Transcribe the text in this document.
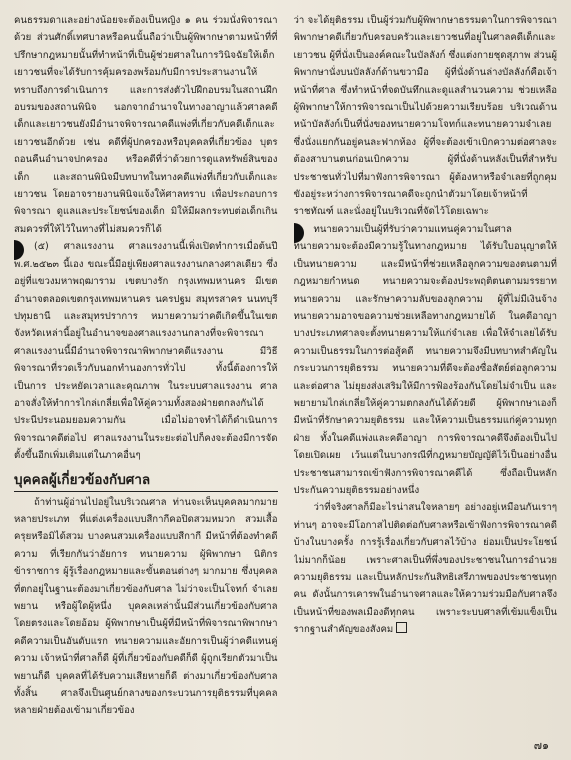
คนธรรมดาและอย่างน้อยจะต้องเป็นหญิง ๑ คน ร่วมนั่งพิจารณาด้วย ส่วนศักดิ์เทศบาลหรือคนนั้นถือว่าเป็นผู้พิพากษาตามหน้าที่ที่ปรึกษากฎหมายนั้นที่ทำหน้าที่เป็นผู้ช่วยศาลในการวินิจฉัยให้เด็กเยาวชนที่จะได้รับการคุ้มครองพร้อมกับมีการประสานงานให้ทราบถึงการดำเนินการ และการส่งตัวไปฝึกอบรมในสถานฝึกอบรมของสถานพินิจ นอกจากอำนาจในทางอาญาแล้วศาลคดีเด็กและเยาวชนยังมีอำนาจพิจารณาคดีแพ่งที่เกี่ยวกับคดีเด็กและเยาวชนอีกด้วย เช่น คดีที่ผู้ปกครองหรือบุคคลที่เกี่ยวข้อง บุตรถอนคืนอำนาจปกครอง หรือคดีที่ว่าด้วยการดูแลทรัพย์สินของเด็ก และสถานพินิจมีบทบาทในทางคดีแพ่งที่เกี่ยวกับเด็กและเยาวชน โดยอาจรายงานพินิจแจ้งให้ศาลทราบ เพื่อประกอบการพิจารณา ดูแลและประโยชน์ของเด็ก มิให้มีผลกระทบต่อเด็กเกินสมควรที่ให้ไว้ในทางที่ไม่สมควรก็ได้

(๕) ศาลแรงงาน ศาลแรงงานนี้เพิ่งเปิดทำการเมื่อต้นปี พ.ศ.๒๕๒๓ นี้เอง ขณะนี้มีอยู่เพียงศาลแรงงานกลางศาลเดียว ซึ่งอยู่ที่แขวงมหาพฤฒาราม เขตบางรัก กรุงเทพมหานคร มีเขตอำนาจตลอดเขตกรุงเทพมหานคร นครปฐม สมุทรสาคร นนทบุรี ปทุมธานี และสมุทรปราการ หมายความว่าคดีเกิดขึ้นในเขตจังหวัดเหล่านี้อยู่ในอำนาจของศาลแรงงานกลางที่จะพิจารณา ศาลแรงงานนี้มีอำนาจพิจารณาพิพากษาคดีแรงงาน มีวิธีพิจารณาที่รวดเร็วกับนอกทำนองการทั่วไป ทั้งนี้ต้องการให้เป็นการ ประหยัดเวลาและคุณภาพ ในระบบศาลแรงงาน ศาลอาจสั่งให้ทำการไกล่เกลี่ยเพื่อให้คู่ความทั้งสองฝ่ายตกลงกันได้ประนีประนอมยอมความกัน เมื่อไม่อาจทำได้ก็ดำเนินการพิจารณาคดีต่อไป ศาลแรงงานในระยะต่อไปก็คงจะต้องมีการจัดตั้งขึ้นอีกเพิ่มเติมแต่ในภาคอื่นๆ

บุคคลผู้เกี่ยวข้องกับศาล

ถ้าท่านผู้อ่านไปอยู่ในบริเวณศาล ท่านจะเห็นบุคคลมากมายหลายประเภท ที่แต่งเครื่องแบบสีกากีคอปิดสวมหมวก สวมเสื้อครุยหรือมิได้สวม บางคนสวมเครื่องแบบสีกากี มีหน้าที่ต้องทำคดีความ ที่เรียกกันว่าอัยการ ทนายความ ผู้พิพากษา นิติกร ข้าราชการ ผู้รู้เรื่องกฎหมายและขั้นตอนต่างๆ มากมาย ซึ่งบุคคลที่ตกอยู่ในฐานะต้องมาเกี่ยวข้องกับศาล ไม่ว่าจะเป็นโจทก์ จำเลย พยาน หรือผู้ใดผู้หนึ่ง บุคคลเหล่านั้นมีส่วนเกี่ยวข้องกับศาลโดยตรงและโดยอ้อม ผู้พิพากษาเป็นผู้ที่มีหน้าที่พิจารณาพิพากษาคดีความเป็นอันดับแรก ทนายความและอัยการเป็นผู้ว่าคดีแทนคู่ความ เจ้าหน้าที่ศาลก็ดี ผู้ที่เกี่ยวข้องกับคดีก็ดี ผู้ถูกเรียกตัวมาเป็นพยานก็ดี บุคคลที่ได้รับความเสียหายก็ดี ต่างมาเกี่ยวข้องกับศาลทั้งสิ้น ศาลจึงเป็นศูนย์กลางของกระบวนการยุติธรรมที่บุคคลหลายฝ่ายต้องเข้ามาเกี่ยวข้อง

ว่า จะได้ยุติธรรม เป็นผู้ร่วมกับผู้พิพากษาธรรมดาในการพิจารณาพิพากษาคดีเกี่ยวกับครอบครัวและเยาวชนที่อยู่ในศาลคดีเด็กและเยาวชน ผู้ที่นั่งเป็นองค์คณะในบัลลังก์ ซึ่งแต่งกายชุดสุภาพ ส่วนผู้พิพากษานั่งบนบัลลังก์ด้านขวามือ ผู้ที่นั่งด้านล่างบัลลังก์คือเจ้าหน้าที่ศาล ซึ่งทำหน้าที่จดบันทึกและดูแลสำนวนความ ช่วยเหลือผู้พิพากษาให้การพิจารณาเป็นไปด้วยความเรียบร้อย บริเวณด้านหน้าบัลลังก์เป็นที่นั่งของทนายความโจทก์และทนายความจำเลย ซึ่งนั่งแยกกันอยู่คนละฟากห้อง ผู้ที่จะต้องเข้าเบิกความต่อศาลจะต้องสาบานตนก่อนเบิกความ ผู้ที่นั่งด้านหลังเป็นที่สำหรับประชาชนทั่วไปที่มาฟังการพิจารณา ผู้ต้องหาหรือจำเลยที่ถูกคุมขังอยู่ระหว่างการพิจารณาคดีจะถูกนำตัวมาโดยเจ้าหน้าที่ราชทัณฑ์ และนั่งอยู่ในบริเวณที่จัดไว้โดยเฉพาะ

ทนายความเป็นผู้ที่รับว่าความแทนคู่ความในศาล ทนายความจะต้องมีความรู้ในทางกฎหมาย ได้รับใบอนุญาตให้เป็นทนายความ และมีหน้าที่ช่วยเหลือลูกความของตนตามที่กฎหมายกำหนด ทนายความจะต้องประพฤติตนตามมรรยาททนายความ และรักษาความลับของลูกความ ผู้ที่ไม่มีเงินจ้างทนายความอาจขอความช่วยเหลือทางกฎหมายได้ ในคดีอาญาบางประเภทศาลจะตั้งทนายความให้แก่จำเลย เพื่อให้จำเลยได้รับความเป็นธรรมในการต่อสู้คดี ทนายความจึงมีบทบาทสำคัญในกระบวนการยุติธรรม ทนายความที่ดีจะต้องซื่อสัตย์ต่อลูกความและต่อศาล ไม่ยุยงส่งเสริมให้มีการฟ้องร้องกันโดยไม่จำเป็น และพยายามไกล่เกลี่ยให้คู่ความตกลงกันได้ด้วยดี ผู้พิพากษาเองก็มีหน้าที่รักษาความยุติธรรม และให้ความเป็นธรรมแก่คู่ความทุกฝ่าย ทั้งในคดีแพ่งและคดีอาญา การพิจารณาคดีจึงต้องเป็นไปโดยเปิดเผย เว้นแต่ในบางกรณีที่กฎหมายบัญญัติไว้เป็นอย่างอื่น ประชาชนสามารถเข้าฟังการพิจารณาคดีได้ ซึ่งถือเป็นหลักประกันความยุติธรรมอย่างหนึ่ง

ว่าที่จริงศาลก็มีอะไรน่าสนใจหลายๆ อย่างอยู่เหมือนกันเราๆ ท่านๆ อาจจะมีโอกาสไปติดต่อกับศาลหรือเข้าฟังการพิจารณาคดีบ้างในบางครั้ง การรู้เรื่องเกี่ยวกับศาลไว้บ้าง ย่อมเป็นประโยชน์ไม่มากก็น้อย เพราะศาลเป็นที่พึ่งของประชาชนในการอำนวยความยุติธรรม และเป็นหลักประกันสิทธิเสรีภาพของประชาชนทุกคน ดังนั้นการเคารพในอำนาจศาลและให้ความร่วมมือกับศาลจึงเป็นหน้าที่ของพลเมืองดีทุกคน เพราะระบบศาลที่เข้มแข็งเป็นรากฐานสำคัญของสังคม

๗๑
